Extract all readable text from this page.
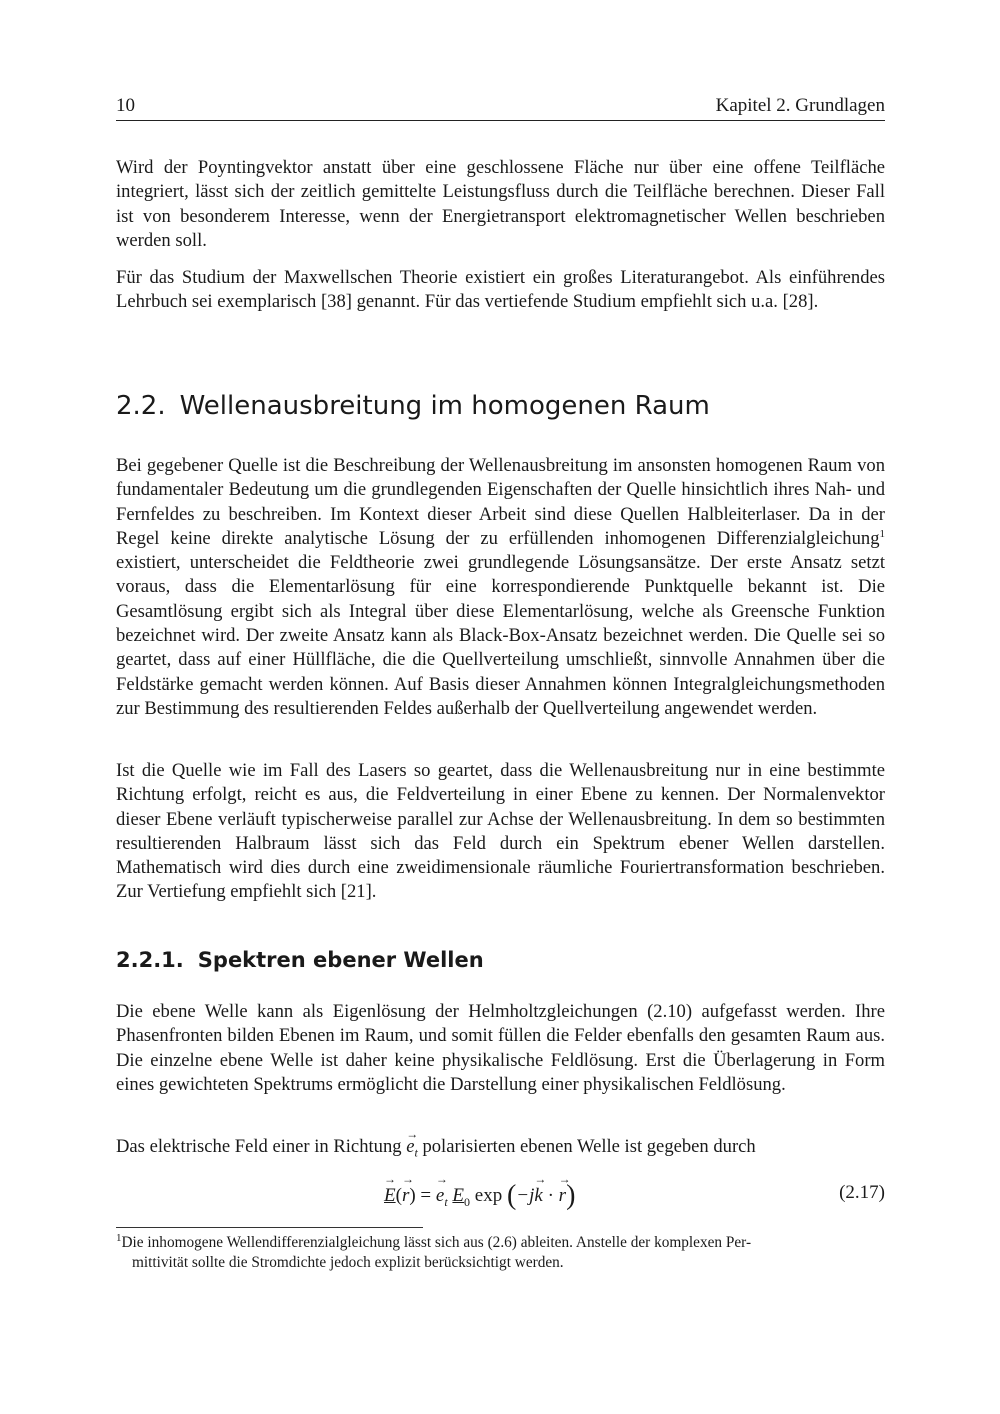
10	Kapitel 2. Grundlagen

Wird der Poyntingvektor anstatt über eine geschlossene Fläche nur über eine offene Teilfläche integriert, lässt sich der zeitlich gemittelte Leistungsfluss durch die Teilfläche berechnen. Dieser Fall ist von besonderem Interesse, wenn der Energietransport elektromagnetischer Wellen beschrieben werden soll.

Für das Studium der Maxwellschen Theorie existiert ein großes Literaturangebot. Als einführendes Lehrbuch sei exemplarisch [38] genannt. Für das vertiefende Studium empfiehlt sich u.a. [28].

2.2. Wellenausbreitung im homogenen Raum

Bei gegebener Quelle ist die Beschreibung der Wellenausbreitung im ansonsten homogenen Raum von fundamentaler Bedeutung um die grundlegenden Eigenschaften der Quelle hinsichtlich ihres Nah- und Fernfeldes zu beschreiben. Im Kontext dieser Arbeit sind diese Quellen Halbleiterlaser. Da in der Regel keine direkte analytische Lösung der zu erfüllenden inhomogenen Differenzialgleichung$^1$ existiert, unterscheidet die Feldtheorie zwei grundlegende Lösungsansätze. Der erste Ansatz setzt voraus, dass die Elementarlösung für eine korrespondierende Punktquelle bekannt ist. Die Gesamtlösung ergibt sich als Integral über diese Elementarlösung, welche als Greensche Funktion bezeichnet wird. Der zweite Ansatz kann als Black-Box-Ansatz bezeichnet werden. Die Quelle sei so geartet, dass auf einer Hüllfläche, die die Quellverteilung umschließt, sinnvolle Annahmen über die Feldstärke gemacht werden können. Auf Basis dieser Annahmen können Integralgleichungsmethoden zur Bestimmung des resultierenden Feldes außerhalb der Quellverteilung angewendet werden.

Ist die Quelle wie im Fall des Lasers so geartet, dass die Wellenausbreitung nur in eine bestimmte Richtung erfolgt, reicht es aus, die Feldverteilung in einer Ebene zu kennen. Der Normalenvektor dieser Ebene verläuft typischerweise parallel zur Achse der Wellenausbreitung. In dem so bestimmten resultierenden Halbraum lässt sich das Feld durch ein Spektrum ebener Wellen darstellen. Mathematisch wird dies durch eine zweidimensionale räumliche Fouriertransformation beschrieben. Zur Vertiefung empfiehlt sich [21].

2.2.1. Spektren ebener Wellen

Die ebene Welle kann als Eigenlösung der Helmholtzgleichungen (2.10) aufgefasst werden. Ihre Phasenfronten bilden Ebenen im Raum, und somit füllen die Felder ebenfalls den gesamten Raum aus. Die einzelne ebene Welle ist daher keine physikalische Feldlösung. Erst die Überlagerung in Form eines gewichteten Spektrums ermöglicht die Darstellung einer physikalischen Feldlösung.

Das elektrische Feld einer in Richtung → $e_t$ polarisierten ebenen Welle ist gegeben durch

→ E(→ r) = → $e_t$ $E_0$ exp (−j→ k · → r)	(2.17)

$^1$Die inhomogene Wellendifferenzialgleichung lässt sich aus (2.6) ableiten. Anstelle der komplexen Per-
mittivität sollte die Stromdichte jedoch explizit berücksichtigt werden.
